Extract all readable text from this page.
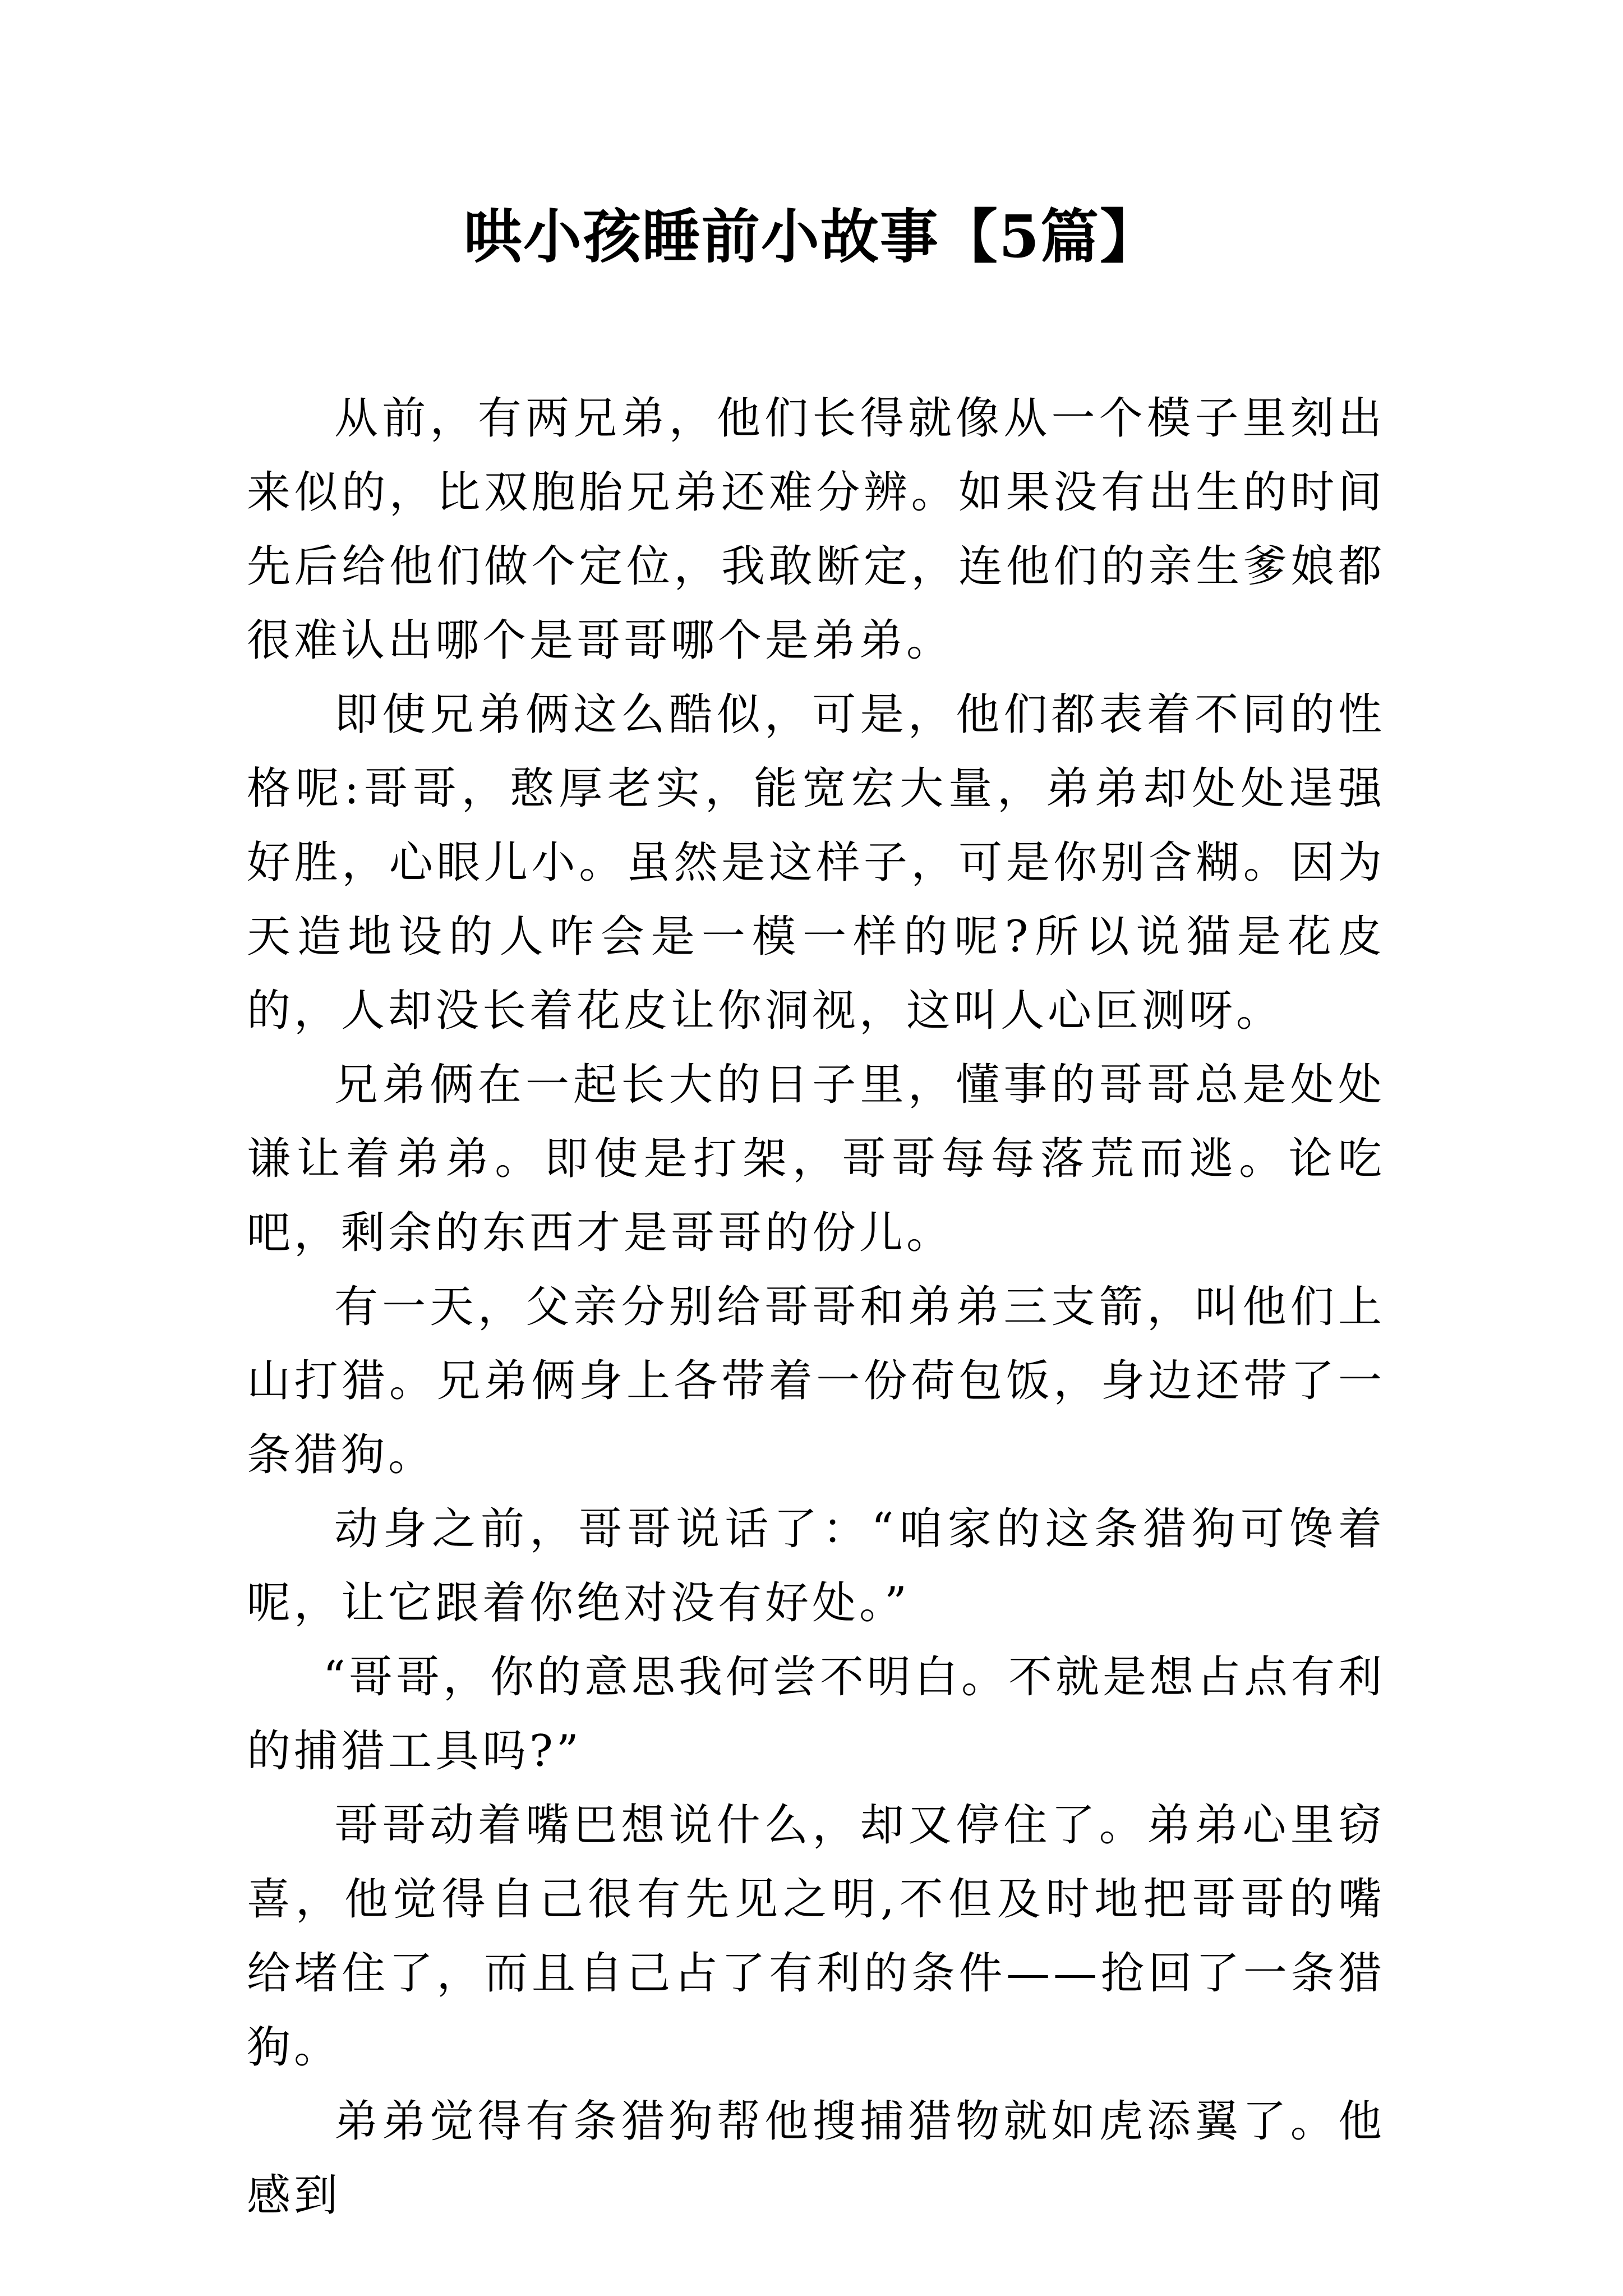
哄小孩睡前小故事【5篇】

从前，有两兄弟，他们长得就像从一个模子里刻出来似的，比双胞胎兄弟还难分辨。如果没有出生的时间先后给他们做个定位，我敢断定，连他们的亲生爹娘都很难认出哪个是哥哥哪个是弟弟。

即使兄弟俩这么酷似，可是，他们都表着不同的性格呢:哥哥，憨厚老实，能宽宏大量，弟弟却处处逞强好胜，心眼儿小。虽然是这样子，可是你别含糊。因为天造地设的人咋会是一模一样的呢?所以说猫是花皮的，人却没长着花皮让你洞视，这叫人心叵测呀。

兄弟俩在一起长大的日子里，懂事的哥哥总是处处谦让着弟弟。即使是打架，哥哥每每落荒而逃。论吃吧，剩余的东西才是哥哥的份儿。

有一天，父亲分别给哥哥和弟弟三支箭，叫他们上山打猎。兄弟俩身上各带着一份荷包饭，身边还带了一条猎狗。

动身之前，哥哥说话了：“咱家的这条猎狗可馋着呢，让它跟着你绝对没有好处。”

“哥哥，你的意思我何尝不明白。不就是想占点有利的捕猎工具吗?”

哥哥动着嘴巴想说什么，却又停住了。弟弟心里窃喜，他觉得自己很有先见之明,不但及时地把哥哥的嘴给堵住了，而且自己占了有利的条件——抢回了一条猎狗。

弟弟觉得有条猎狗帮他搜捕猎物就如虎添翼了。他感到
